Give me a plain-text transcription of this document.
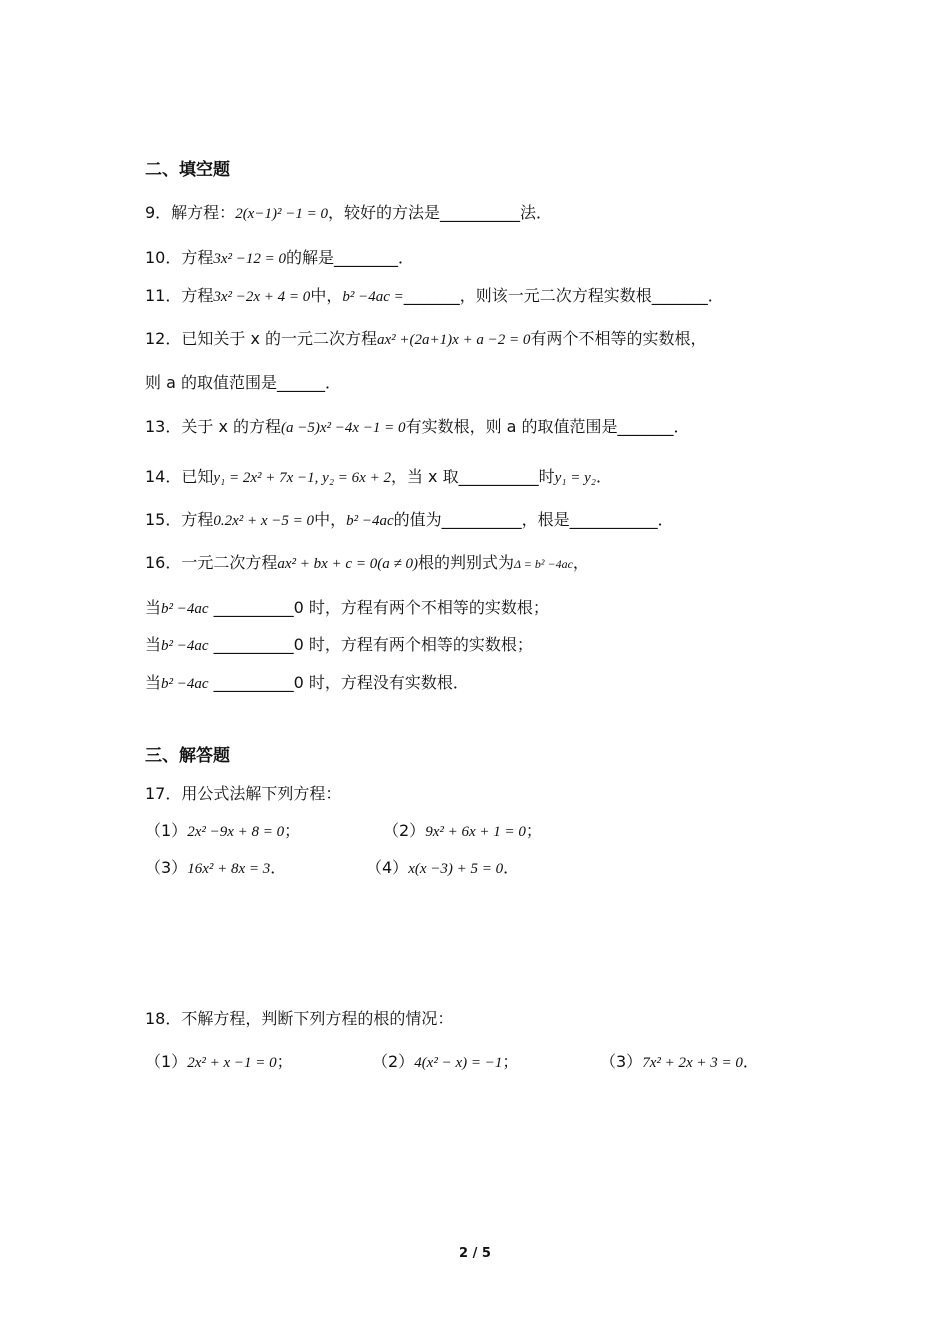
二、填空题
9．解方程：2(x−1)² −1 = 0，较好的方法是__________法．
10．方程3x² −12 = 0的解是________．
11．方程3x² −2x + 4 = 0中，b² −4ac =_______，则该一元二次方程实数根_______．
12．已知关于 x 的一元二次方程ax² +(2a+1)x + a −2 = 0有两个不相等的实数根，
则 a 的取值范围是______．
13．关于 x 的方程(a −5)x² −4x −1 = 0有实数根，则 a 的取值范围是_______．
14．已知y₁ = 2x² + 7x −1, y₂ = 6x + 2，当 x 取__________时y₁ = y₂．
15．方程0.2x² + x −5 = 0中，b² −4ac的值为__________，根是___________．
16．一元二次方程ax² + bx + c = 0(a ≠ 0)根的判别式为Δ = b² −4ac，
当b² −4ac __________0 时，方程有两个不相等的实数根；
当b² −4ac __________0 时，方程有两个相等的实数根；
当b² −4ac __________0 时，方程没有实数根．
三、解答题
17．用公式法解下列方程：
（1）2x² −9x + 8 = 0；	（2）9x² + 6x + 1 = 0；
（3）16x² + 8x = 3．	（4）x(x −3) + 5 = 0．
18．不解方程，判断下列方程的根的情况：
（1）2x² + x −1 = 0；	（2）4(x² − x) = −1；	（3）7x² + 2x + 3 = 0．
2 / 5
